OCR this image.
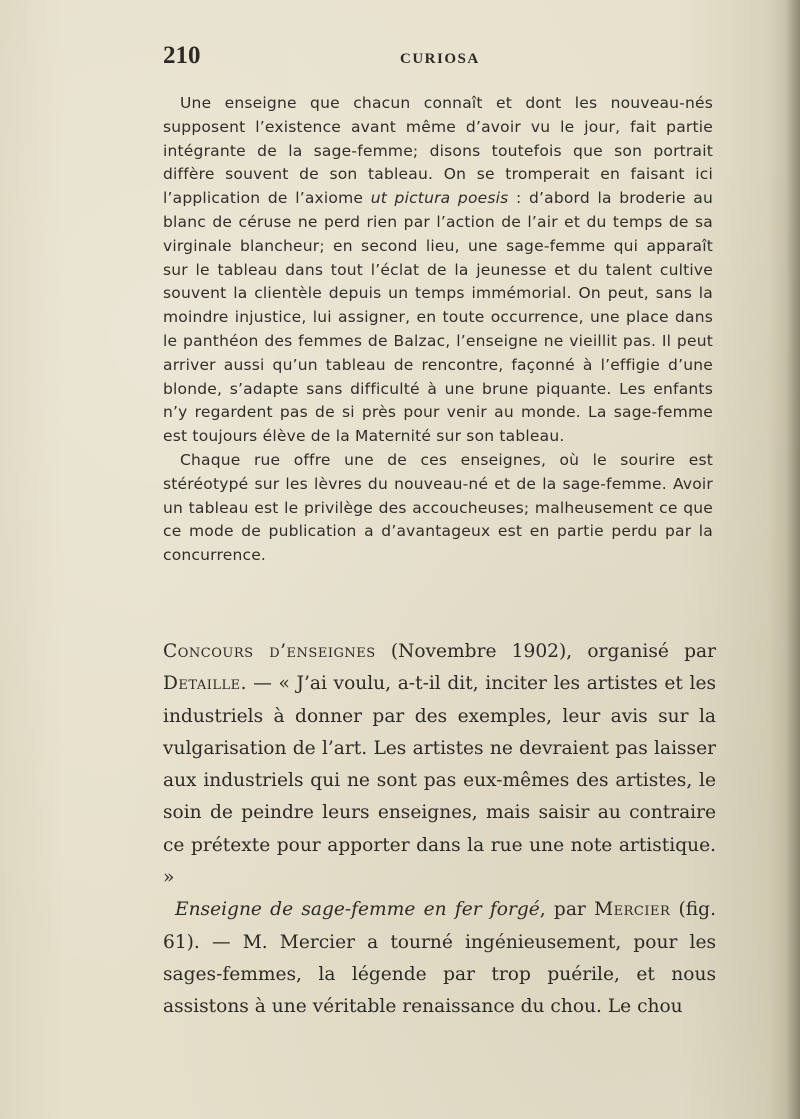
210	CURIOSA

Une enseigne que chacun connaît et dont les nouveau-nés supposent l’existence avant même d’avoir vu le jour, fait partie intégrante de la sage-femme; disons toutefois que son portrait diffère souvent de son tableau. On se tromperait en faisant ici l’application de l’axiome ut pictura poesis : d’abord la broderie au blanc de céruse ne perd rien par l’action de l’air et du temps de sa virginale blancheur; en second lieu, une sage-femme qui apparaît sur le tableau dans tout l’éclat de la jeunesse et du talent cultive souvent la clientèle depuis un temps immémorial. On peut, sans la moindre injustice, lui assigner, en toute occurrence, une place dans le panthéon des femmes de Balzac, l’enseigne ne vieillit pas. Il peut arriver aussi qu’un tableau de rencontre, façonné à l’effigie d’une blonde, s’adapte sans difficulté à une brune piquante. Les enfants n’y regardent pas de si près pour venir au monde. La sage-femme est toujours élève de la Maternité sur son tableau.

Chaque rue offre une de ces enseignes, où le sourire est stéréotypé sur les lèvres du nouveau-né et de la sage-femme. Avoir un tableau est le privilège des accoucheuses; malheusement ce que ce mode de publication a d’avantageux est en partie perdu par la concurrence.

Concours d’enseignes (Novembre 1902), organisé par Detaille. — « J’ai voulu, a-t-il dit, inciter les artistes et les industriels à donner par des exemples, leur avis sur la vulgarisation de l’art. Les artistes ne devraient pas laisser aux industriels qui ne sont pas eux-mêmes des artistes, le soin de peindre leurs enseignes, mais saisir au contraire ce prétexte pour apporter dans la rue une note artistique. »

Enseigne de sage-femme en fer forgé, par Mercier (fig. 61). — M. Mercier a tourné ingénieusement, pour les sages-femmes, la légende par trop puérile, et nous assistons à une véritable renaissance du chou. Le chou
